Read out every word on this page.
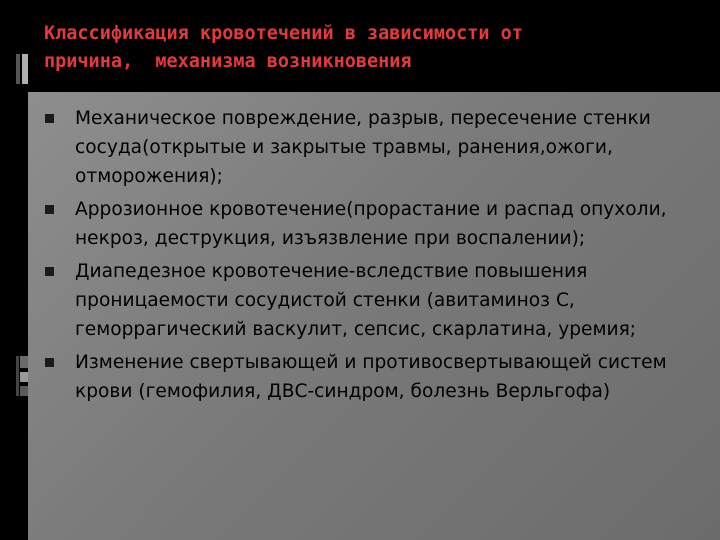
Классификация кровотечений в зависимости от
причина,  механизма возникновения
Механическое повреждение, разрыв, пересечение стенки сосуда(открытые и закрытые травмы, ранения,ожоги, отморожения);
Аррозионное кровотечение(прорастание и распад опухоли, некроз, деструкция, изъязвление при воспалении);
Диапедезное кровотечение-вследствие повышения проницаемости сосудистой стенки (авитаминоз С, геморрагический васкулит, сепсис, скарлатина, уремия;
Изменение свертывающей и противосвертывающей систем крови (гемофилия, ДВС-синдром, болезнь Верльгофа)
